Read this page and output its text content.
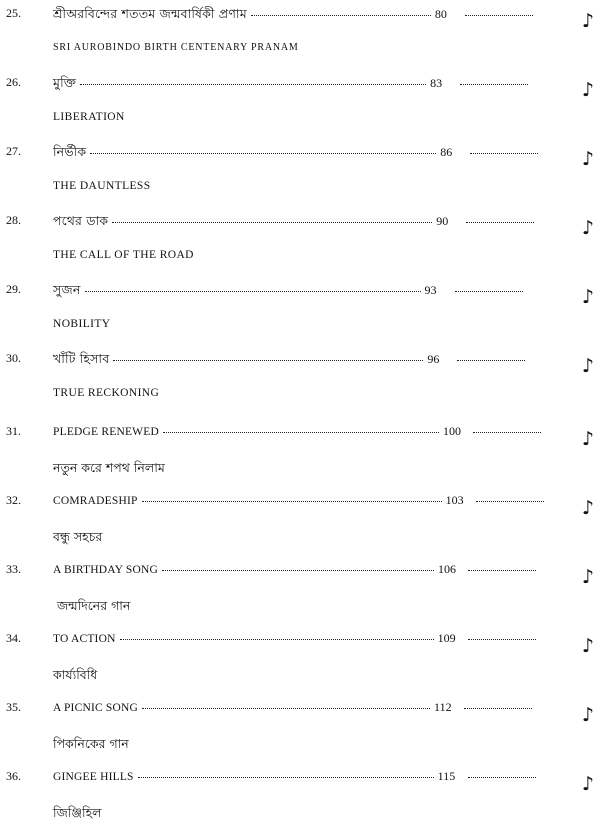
25.	শ্রীঅরবিন্দের শততম জন্মবার্ষিকী প্রণাম	80	♪
SRI AUROBINDO BIRTH CENTENARY PRANAM
26.	মুক্তি	83	♪
LIBERATION
27.	নির্ভীক	86	♪
THE DAUNTLESS
28.	পথের ডাক	90	♪
THE CALL OF THE ROAD
29.	সুজন	93	♪
NOBILITY
30.	খাঁটি হিসাব	96	♪
TRUE RECKONING
31.	PLEDGE RENEWED	100	♪
নতুন করে শপথ নিলাম
32.	COMRADESHIP	103	♪
বন্ধু সহচর
33.	A BIRTHDAY SONG	106	♪
জন্মদিনের গান
34.	TO ACTION	109	♪
কার্য্যবিধি
35.	A PICNIC SONG	112	♪
পিকনিকের গান
36.	GINGEE HILLS	115	♪
জিঞ্জিহিল
